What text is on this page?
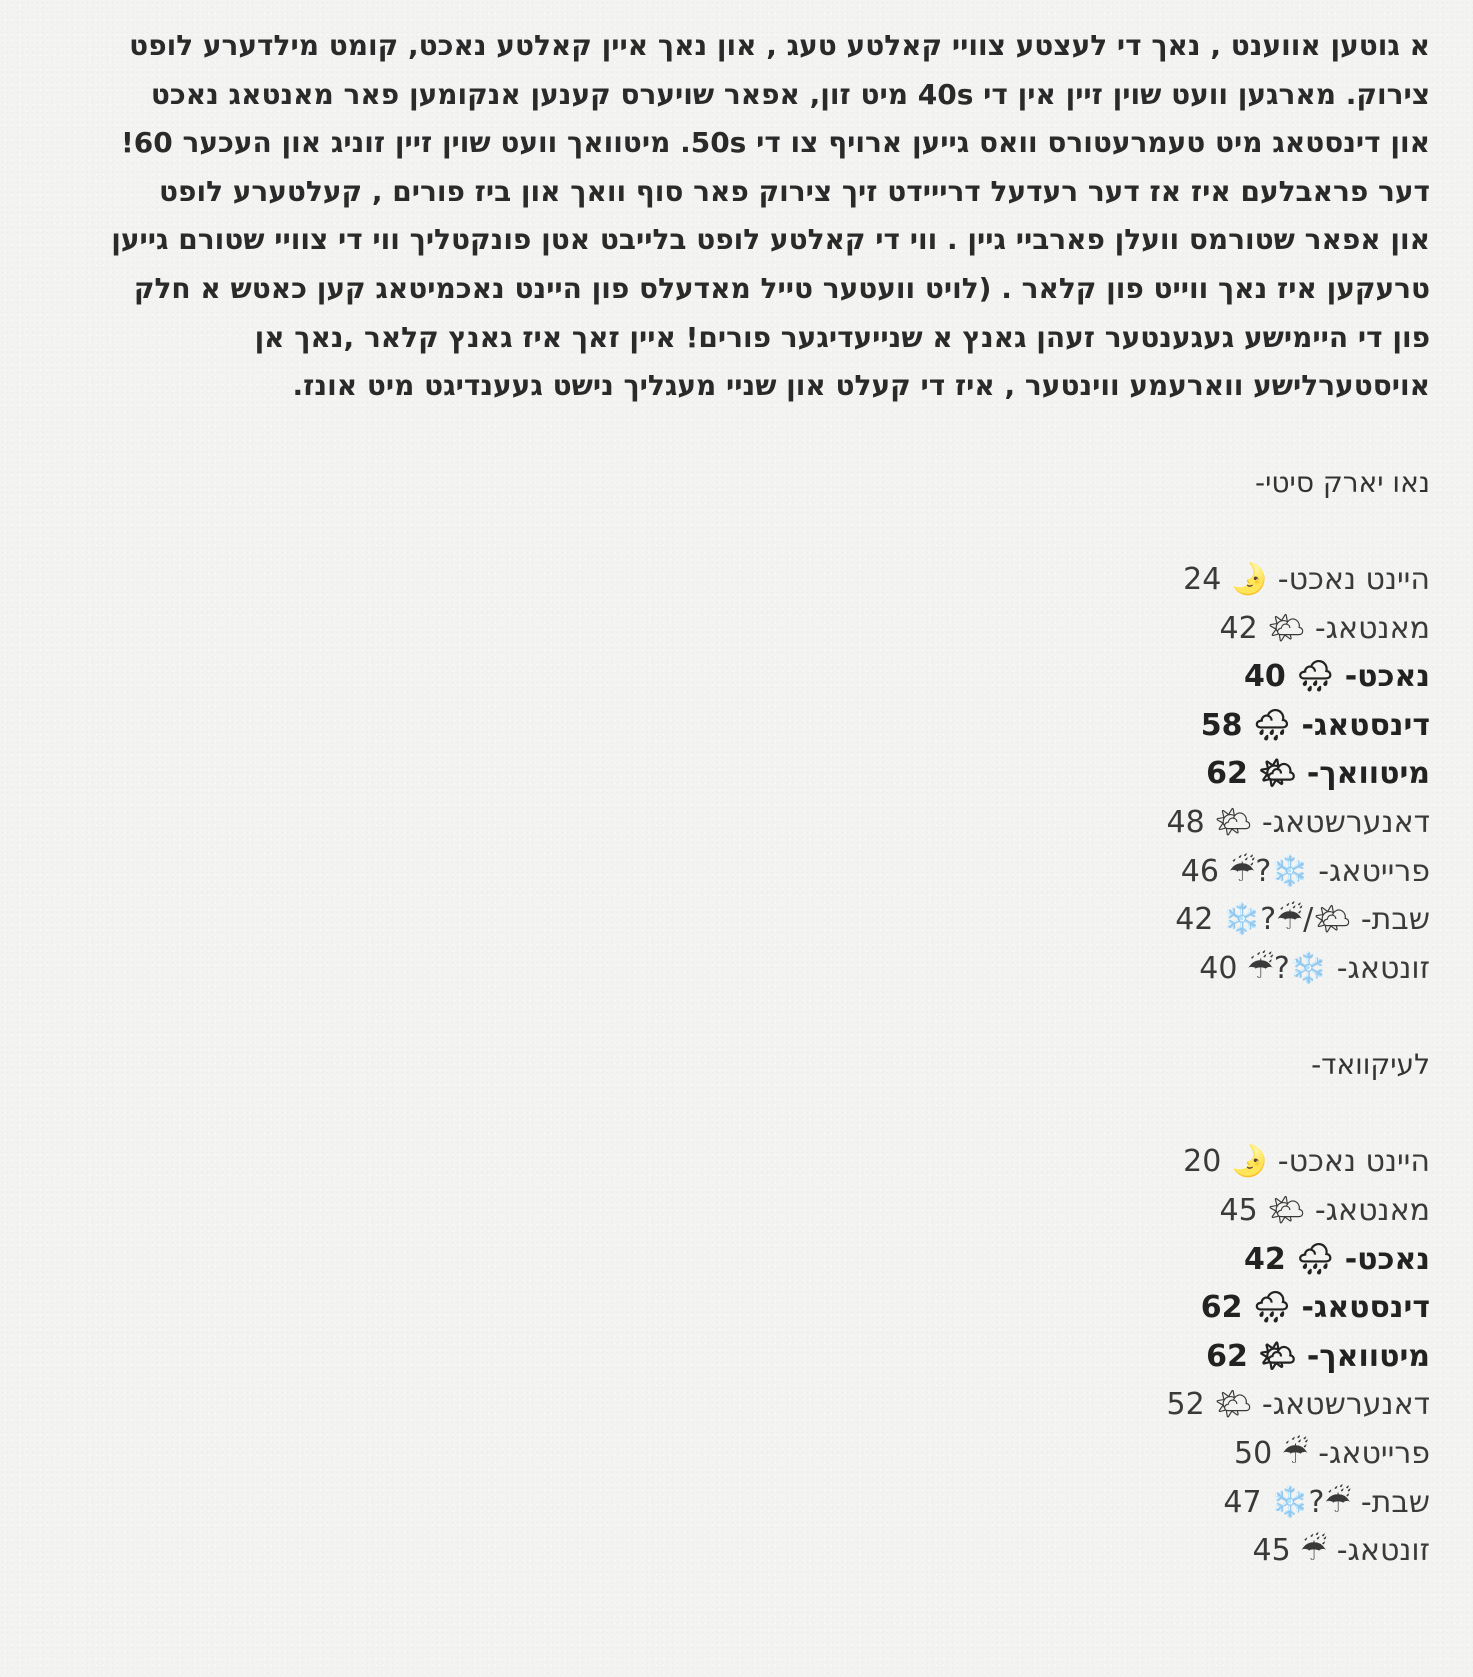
א גוטען אווענט , נאך די לעצטע צוויי קאלטע טעג , און נאך איין קאלטע נאכט, קומט מילדערע לופט צירוק. מארגען וועט שוין זיין אין די 40s מיט זון, אפאר שויערס קענען אנקומען פאר מאנטאג נאכט און דינסטאג מיט טעמרעטורס וואס גייען ארויף צו די 50s. מיטוואך וועט שוין זיין זוניג און העכער 60! דער פראבלעם איז אז דער רעדעל דרייידט זיך צירוק פאר סוף וואך און ביז פורים , קעלטערע לופט און אפאר שטורמס וועלן פארביי גיין . ווי די קאלטע לופט בלייבט אטן פונקטליך ווי די צוויי שטורם גייען טרעקען איז נאך ווייט פון קלאר . (לויט וועטער טייל מאדעלס פון היינט נאכמיטאג קען כאטש א חלק פון די היימישע געגענטער זעהן גאנץ א שנייעדיגער פורים! איין זאך איז גאנץ קלאר ,נאך אן אויסטערלישע ווארעמע ווינטער , איז די קעלט און שניי מעגליך נישט געענדיגט מיט אונז.
נאו יארק סיטי-
היינט נאכט- 🌛 24
מאנטאג- 🌤 42
נאכט- 🌧 40
דינסטאג- 🌧 58
מיטוואך- 🌤 62
דאנערשטאג- 🌤 48
פרייטאג- ❄️?☔ 46
שבת- 🌤/☔?❄️ 42
זונטאג- ❄️?☔ 40
לעיקוואד-
היינט נאכט- 🌛 20
מאנטאג- 🌤 45
נאכט- 🌧 42
דינסטאג- 🌧 62
מיטוואך- 🌤 62
דאנערשטאג- 🌤 52
פרייטאג- ☔ 50
שבת- ☔?❄️ 47
זונטאג- ☔ 45
